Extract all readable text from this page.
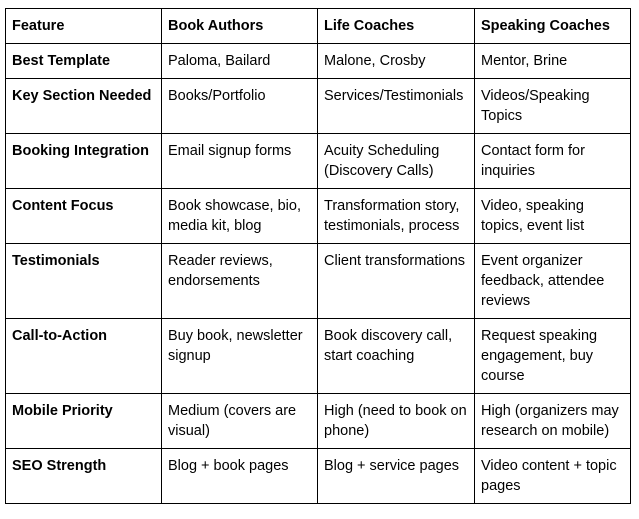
Feature	Book Authors	Life Coaches	Speaking Coaches
Best Template	Paloma, Bailard	Malone, Crosby	Mentor, Brine
Key Section Needed	Books/Portfolio	Services/Testimonials	Videos/Speaking Topics
Booking Integration	Email signup forms	Acuity Scheduling (Discovery Calls)	Contact form for inquiries
Content Focus	Book showcase, bio, media kit, blog	Transformation story, testimonials, process	Video, speaking topics, event list
Testimonials	Reader reviews, endorsements	Client transformations	Event organizer feedback, attendee reviews
Call-to-Action	Buy book, newsletter signup	Book discovery call, start coaching	Request speaking engagement, buy course
Mobile Priority	Medium (covers are visual)	High (need to book on phone)	High (organizers may research on mobile)
SEO Strength	Blog + book pages	Blog + service pages	Video content + topic pages
